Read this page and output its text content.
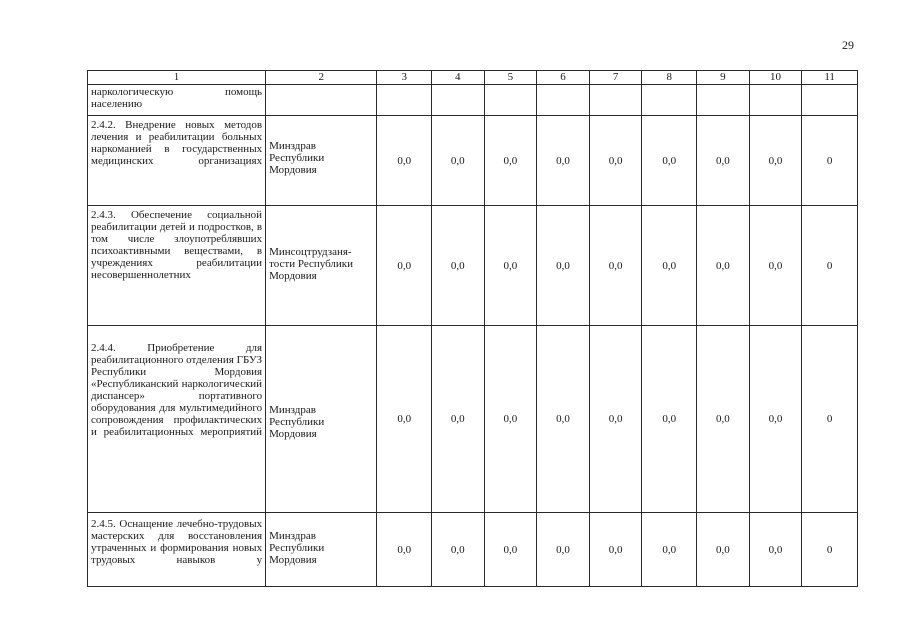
29
1	2	3	4	5	6	7	8	9	10	11
наркологическую помощь населению										
2.4.2. Внедрение новых методов лечения и реабилитации больных наркоманией в государственных медицинских организациях	Минздрав Республики Мордовия	0,0	0,0	0,0	0,0	0,0	0,0	0,0	0,0	0
2.4.3. Обеспечение социальной реабилитации детей и подростков, в том числе злоупотреблявших психоактивными веществами, в учреждениях реабилитации несовершеннолетних	Минсоцтрудзаня- тости Республики Мордовия	0,0	0,0	0,0	0,0	0,0	0,0	0,0	0,0	0
2.4.4. Приобретение для реабилитационного отделения ГБУЗ Республики Мордовия «Республиканский наркологический диспансер» портативного оборудования для мультимедийного сопровождения профилактических и реабилитационных мероприятий	Минздрав Республики Мордовия	0,0	0,0	0,0	0,0	0,0	0,0	0,0	0,0	0
2.4.5. Оснащение лечебно-трудовых мастерских для восстановления утраченных и формирования новых трудовых навыков у	Минздрав Республики Мордовия	0,0	0,0	0,0	0,0	0,0	0,0	0,0	0,0	0
